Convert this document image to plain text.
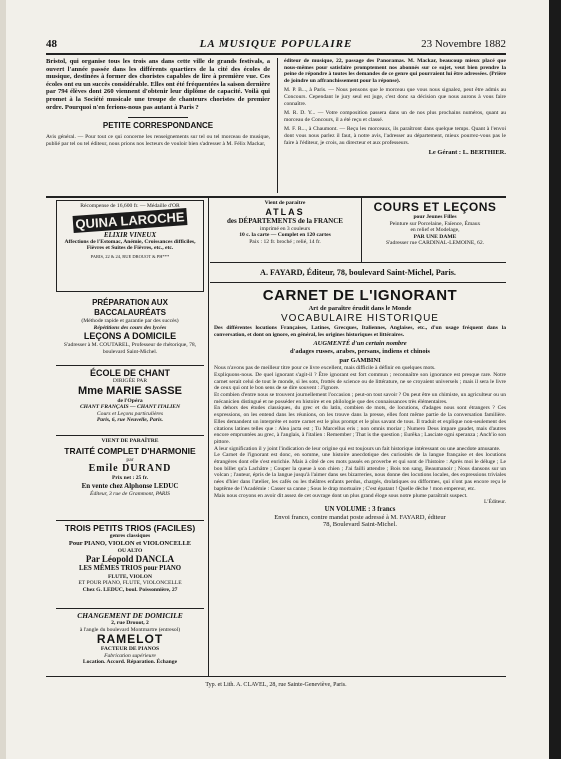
48	LA MUSIQUE POPULAIRE	23 Novembre 1882

Bristol, qui organise tous les trois ans dans cette ville de grands festivals, a ouvert l'année passée dans les différents quartiers de la cité des écoles de musique, destinées à former des choristes capables de lire à première vue. Ces écoles ont eu un succès considérable. Elles ont été fréquentées la saison dernière par 794 élèves dont 260 viennent d'obtenir leur diplôme de capacité. Voilà qui promet à la Société musicale une troupe de chanteurs choristes de premier ordre. Pourquoi n'en ferions-nous pas autant à Paris ?

PETITE CORRESPONDANCE

Avis général. — Pour tout ce qui concerne les renseignements sur tel ou tel morceau de musique, publié par tel ou tel éditeur, nous prions nos lecteurs de vouloir bien s'adresser à M. Félix Mackar,

éditeur de musique, 22, passage des Panoramas. M. Mackar, beaucoup mieux placé que nous-mêmes pour satisfaire promptement nos abonnés sur ce sujet, veut bien prendre la peine de répondre à toutes les demandes de ce genre qui pourraient lui être adressées. (Prière de joindre un affranchissement pour la réponse).

M. P. B..., à Paris. — Nous pensons que le morceau que vous nous signalez, peut être admis au Concours. Cependant le jury seul est juge, c'est donc sa décision que nous aurons à vous faire connaître.

M. R. D. Y... — Votre composition passera dans un de nos plus prochains numéros, quant au morceau de Concours, il a été reçu et classé.

M. F. R..., à Chaumont. — Reçu les morceaux, ils paraîtront dans quelque temps. Quant à l'envoi dont vous nous parlez il faut, à notre avis, l'adresser au département, mieux pourrez-vous pas le faire à l'éditeur, je crois, au directeur et aux professeurs.

Le Gérant : L. BERTHIER.

Récompense de 16,600 fr. — Médaille d'OR

QUINA LAROCHE

ELIXIR VINEUX

Affections de l'Estomac, Anémie, Croissances difficiles,

Fièvres et Suites de Fièvres, etc., etc.

PARIS, 22 & 24, RUE DROUOT & PH***

Vient de paraître

ATLAS

des DÉPARTEMENTS de la FRANCE

imprimé en 3 couleurs

10 c. la carte — Complet en 120 cartes

Paix : 12 fr. broché ; relié, 14 fr.

COURS ET LEÇONS

pour Jeunes Filles

Peinture sur Porcelaine, Faïence, Émaux

en relief et Modelage,

PAR UNE DAME

S'adresser rue CARDINAL-LEMOINE, 62.

A. FAYARD, Éditeur, 78, boulevard Saint-Michel, Paris.

PRÉPARATION AUX BACCALAURÉATS

(Méthode rapide et garantie par des succès)

Répétitions des cours des lycées

LEÇONS A DOMICILE

S'adresser à M. COUTAREL, Professeur de rhétorique, 78, boulevard Saint-Michel.

ÉCOLE DE CHANT

DIRIGÉE PAR

Mme MARIE SASSE

de l'Opéra

CHANT FRANÇAIS — CHANT ITALIEN

Cours et Leçons particulières

Paris, 6, rue Neuvelle, Paris.

VIENT DE PARAÎTRE

TRAITÉ COMPLET D'HARMONIE

par

Emile DURAND

Prix net : 25 fr.

En vente chez Alphonse LEDUC

Éditeur, 3 rue de Grammont, PARIS

TROIS PETITS TRIOS (FACILES)

genres classiques

Pour PIANO, VIOLON et VIOLONCELLE

OU ALTO

Par Léopold DANCLA

LES MÊMES TRIOS pour PIANO

FLUTE, VIOLON

ET POUR PIANO, FLUTE, VIOLONCELLE

Chez G. LEDUC, boul. Poissonnière, 27

CHANGEMENT DE DOMICILE

2, rue Drouot, 2

à l'angle du boulevard Montmartre (entresol)

RAMELOT

FACTEUR DE PIANOS

Fabrication supérieure

Location. Accord. Réparation. Échange

CARNET DE L'IGNORANT

Art de paraître érudit dans le Monde

VOCABULAIRE HISTORIQUE

Des différentes locutions Françaises, Latines, Grecques, Italiennes, Anglaises, etc., d'un usage fréquent dans la conversation, et dont on ignore, en général, les origines historiques et littéraires.

AUGMENTÉ d'un certain nombre

d'adages russes, arabes, persans, indiens et chinois

par GAMBINI

Nous n'avons pas de meilleur titre pour ce livre excellent, mais difficile à définir en quelques mots.

Expliquons-nous. De quel ignorant s'agit-il ? Être ignorant est fort commun ; reconnaître son ignorance est presque rare. Notre carnet serait celui de tout le monde, si les sots, frottés de science ou de littérature, ne se croyaient universels ; mais il sera le livre de ceux qui ont le bon sens de se dire souvent : J'ignore.

Et combien d'entre nous se trouvent journellement l'occasion ; peut-on tout savoir ? On peut être un chimiste, un agriculteur ou un mécanicien distingué et ne posséder en histoire et en philologie que des connaissances très élémentaires.

En dehors des études classiques, du grec et du latin, combien de mots, de locutions, d'adages nous sont étrangers ? Ces expressions, on les entend dans les réunions, on les trouve dans la presse, elles font même partie de la conversation familière. Elles demandent un interprète et notre carnet est le plus prompt et le plus savant de tous. Il traduit et explique non-seulement des citations latines telles que : Alea jacta est ; Tu Marcellus eris ; non omnis moriar ; Numero Deus impare gaudet, mais d'autres encore empruntées au grec, à l'anglais, à l'italien : Remember ; That is the question ; Eurêka ; Lasciate ogni speranza ; Anch'io son pittore.

A leur signification il y joint l'indication de leur origine qui est toujours un fait historique intéressant ou une anecdote amusante.

Le Carnet de l'ignorant est donc, en somme, une histoire anecdotique des curiosités de la langue française et des locutions étrangères dont elle s'est enrichie. Mais à côté de ces mots passés en proverbe et qui sont de l'histoire : Après moi le déluge ; Le bon billet qu'a Lachâtre ; Couper la queue à son chien ; J'ai failli attendre ; Bois ton sang, Beaumanoir ; Nous dansons sur un volcan ; l'auteur, épris de la langue jusqu'à l'aimer dans ses bizarreries, nous donne des locutions locales, des expressions triviales nées d'hier dans l'atelier, les cafés ou les théâtres enfants perdus, chargés, drolatiques ou difformes, qui n'ont pas encore reçu le baptême de l'Académie : Casser sa canne ; Sous le drap mortuaire ; C'est épatant ! Quelle dèche ! mon empereur, etc.

Mais nous croyons en avoir dit assez de cet ouvrage dont un plus grand éloge sous notre plume paraîtrait suspect.

L'Éditeur.

UN VOLUME : 3 francs

Envoi franco, contre mandat poste adressé à M. FAYARD, éditeur

78, Boulevard Saint-Michel.

Typ. et Lith. A. CLAVEL, 28, rue Sainte-Geneviève, Paris.
